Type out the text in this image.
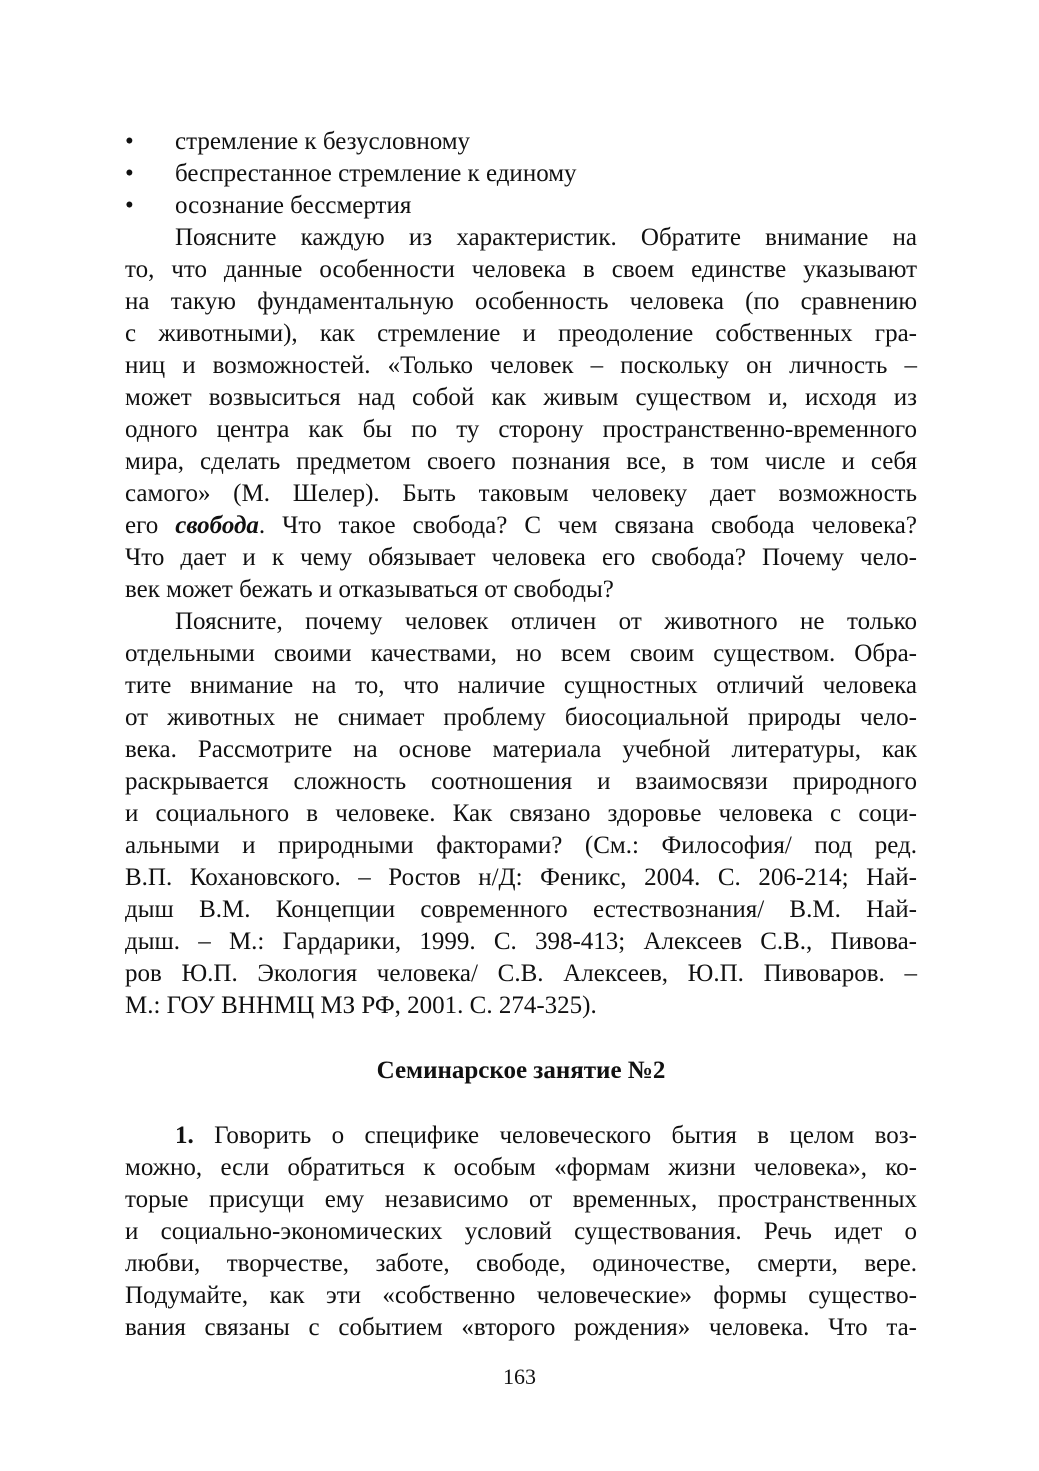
• стремление к безусловному
• беспрестанное стремление к единому
• осознание бессмертия
Поясните каждую из характеристик. Обратите внимание на
то, что данные особенности человека в своем единстве указывают
на такую фундаментальную особенность человека (по сравнению
с животными), как стремление и преодоление собственных гра-
ниц и возможностей. «Только человек – поскольку он личность –
может возвыситься над собой как живым существом и, исходя из
одного центра как бы по ту сторону пространственно-временного
мира, сделать предметом своего познания все, в том числе и себя
самого» (М. Шелер). Быть таковым человеку дает возможность
его свобода. Что такое свобода? С чем связана свобода человека?
Что дает и к чему обязывает человека его свобода? Почему чело-
век может бежать и отказываться от свободы?
Поясните, почему человек отличен от животного не только
отдельными своими качествами, но всем своим существом. Обра-
тите внимание на то, что наличие сущностных отличий человека
от животных не снимает проблему биосоциальной природы чело-
века. Рассмотрите на основе материала учебной литературы, как
раскрывается сложность соотношения и взаимосвязи природного
и социального в человеке. Как связано здоровье человека с соци-
альными и природными факторами? (См.: Философия/ под ред.
В.П. Кохановского. – Ростов н/Д: Феникс, 2004. С. 206-214; Най-
дыш В.М. Концепции современного естествознания/ В.М. Най-
дыш. – М.: Гардарики, 1999. С. 398-413; Алексеев С.В., Пивова-
ров Ю.П. Экология человека/ С.В. Алексеев, Ю.П. Пивоваров. –
М.: ГОУ ВННМЦ МЗ РФ, 2001. С. 274-325).
Семинарское занятие №2
1. Говорить о специфике человеческого бытия в целом воз-
можно, если обратиться к особым «формам жизни человека», ко-
торые присущи ему независимо от временных, пространственных
и социально-экономических условий существования. Речь идет о
любви, творчестве, заботе, свободе, одиночестве, смерти, вере.
Подумайте, как эти «собственно человеческие» формы существо-
вания связаны с событием «второго рождения» человека. Что та-
163
